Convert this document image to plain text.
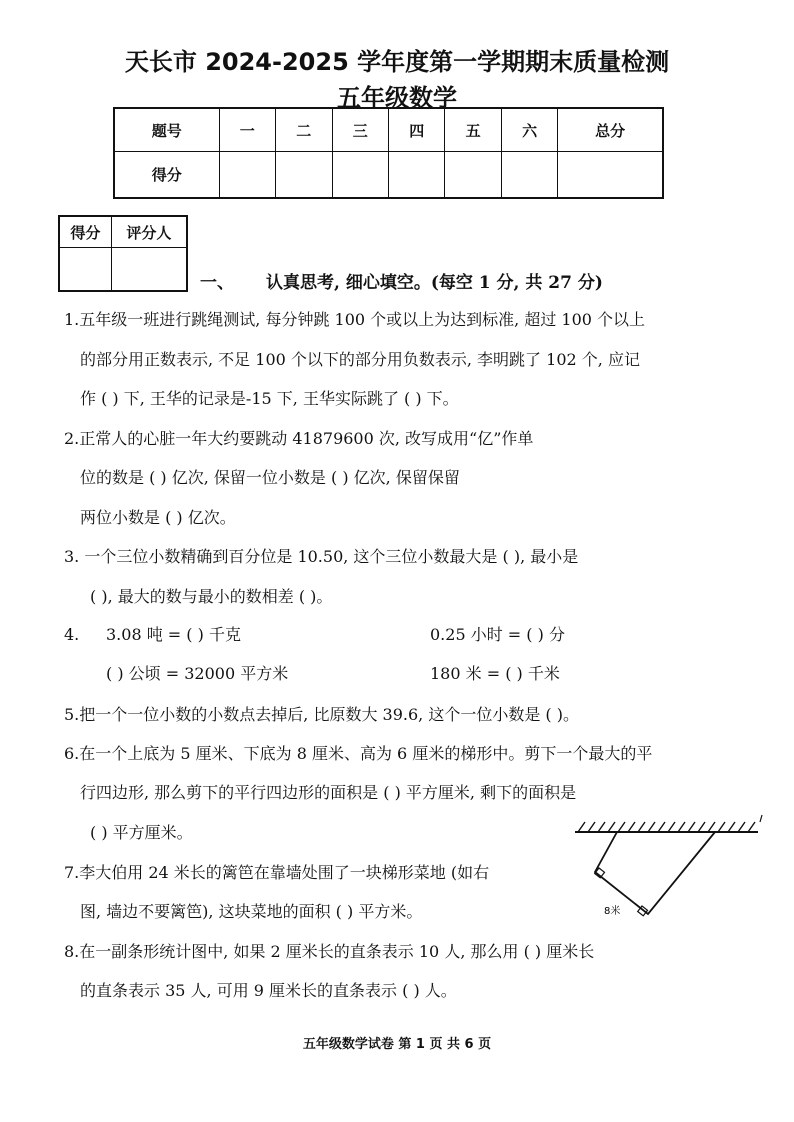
天长市 2024-2025 学年度第一学期期末质量检测
五年级数学
题号	一	二	三	四	五	六	总分
得分							
得分	评分人

一、 认真思考, 细心填空。(每空 1 分, 共 27 分)
1.五年级一班进行跳绳测试, 每分钟跳 100 个或以上为达到标准, 超过 100 个以上
的部分用正数表示, 不足 100 个以下的部分用负数表示, 李明跳了 102 个, 应记
作 ( ) 下, 王华的记录是-15 下, 王华实际跳了 ( ) 下。
2.正常人的心脏一年大约要跳动 41879600 次, 改写成用“亿”作单
位的数是 ( ) 亿次, 保留一位小数是 ( ) 亿次, 保留保留
两位小数是 ( ) 亿次。
3. 一个三位小数精确到百分位是 10.50, 这个三位小数最大是 ( ), 最小是
( ), 最大的数与最小的数相差 ( )。
4. 3.08 吨 = ( ) 千克	0.25 小时 = ( ) 分
( ) 公顷 = 32000 平方米	180 米 = ( ) 千米
5.把一个一位小数的小数点去掉后, 比原数大 39.6, 这个一位小数是 ( )。
6.在一个上底为 5 厘米、下底为 8 厘米、高为 6 厘米的梯形中。剪下一个最大的平
行四边形, 那么剪下的平行四边形的面积是 ( ) 平方厘米, 剩下的面积是
( ) 平方厘米。
7.李大伯用 24 米长的篱笆在靠墙处围了一块梯形菜地 (如右
图, 墙边不要篱笆), 这块菜地的面积 ( ) 平方米。
8.在一副条形统计图中, 如果 2 厘米长的直条表示 10 人, 那么用 ( ) 厘米长
的直条表示 35 人, 可用 9 厘米长的直条表示 ( ) 人。
8米
五年级数学试卷 第 1 页 共 6 页
